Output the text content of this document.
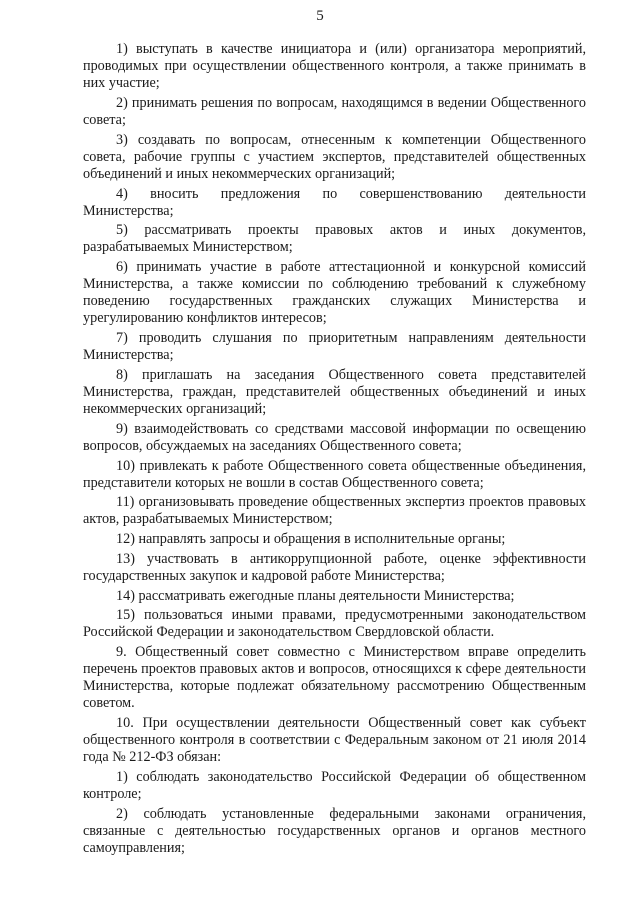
5

1) выступать в качестве инициатора и (или) организатора мероприятий, проводимых при осуществлении общественного контроля, а также принимать в них участие;

2) принимать решения по вопросам, находящимся в ведении Общественного совета;

3) создавать по вопросам, отнесенным к компетенции Общественного совета, рабочие группы с участием экспертов, представителей общественных объединений и иных некоммерческих организаций;

4) вносить предложения по совершенствованию деятельности Министерства;

5) рассматривать проекты правовых актов и иных документов, разрабатываемых Министерством;

6) принимать участие в работе аттестационной и конкурсной комиссий Министерства, а также комиссии по соблюдению требований к служебному поведению государственных гражданских служащих Министерства и урегулированию конфликтов интересов;

7) проводить слушания по приоритетным направлениям деятельности Министерства;

8) приглашать на заседания Общественного совета представителей Министерства, граждан, представителей общественных объединений и иных некоммерческих организаций;

9) взаимодействовать со средствами массовой информации по освещению вопросов, обсуждаемых на заседаниях Общественного совета;

10) привлекать к работе Общественного совета общественные объединения, представители которых не вошли в состав Общественного совета;

11) организовывать проведение общественных экспертиз проектов правовых актов, разрабатываемых Министерством;

12) направлять запросы и обращения в исполнительные органы;

13) участвовать в антикоррупционной работе, оценке эффективности государственных закупок и кадровой работе Министерства;

14) рассматривать ежегодные планы деятельности Министерства;

15) пользоваться иными правами, предусмотренными законодательством Российской Федерации и законодательством Свердловской области.

9. Общественный совет совместно с Министерством вправе определить перечень проектов правовых актов и вопросов, относящихся к сфере деятельности Министерства, которые подлежат обязательному рассмотрению Общественным советом.

10. При осуществлении деятельности Общественный совет как субъект общественного контроля в соответствии с Федеральным законом от 21 июля 2014 года № 212-ФЗ обязан:

1) соблюдать законодательство Российской Федерации об общественном контроле;

2) соблюдать установленные федеральными законами ограничения, связанные с деятельностью государственных органов и органов местного самоуправления;
